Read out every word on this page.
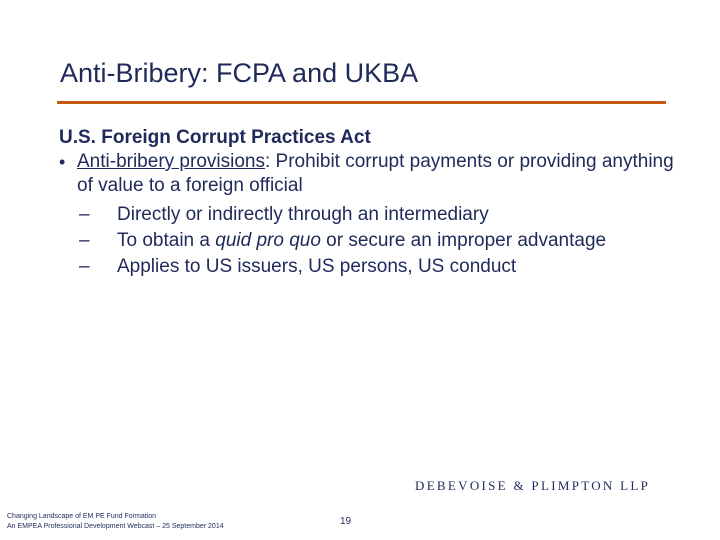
Anti-Bribery: FCPA and UKBA
U.S. Foreign Corrupt Practices Act
• Anti-bribery provisions: Prohibit corrupt payments or providing anything of value to a foreign official
– Directly or indirectly through an intermediary
– To obtain a quid pro quo or secure an improper advantage
– Applies to US issuers, US persons, US conduct
Changing Landscape of EM PE Fund Formation
An EMPEA Professional Development Webcast – 25 September 2014	19
DEBEVOISE & PLIMPTON LLP
